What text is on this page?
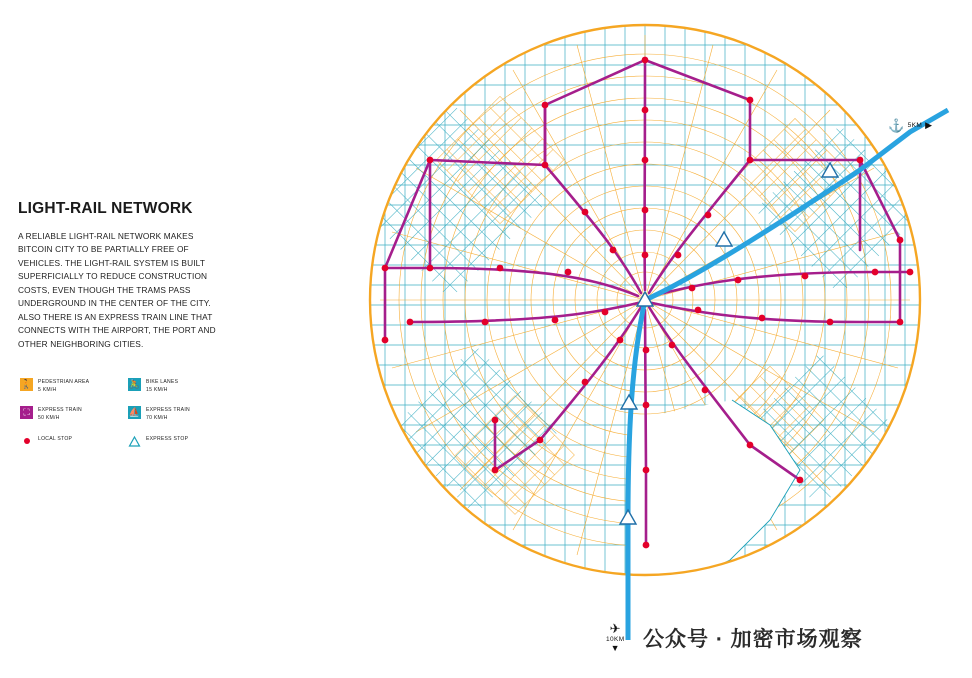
LIGHT-RAIL NETWORK

A RELIABLE LIGHT-RAIL NETWORK MAKES BITCOIN CITY TO BE PARTIALLY FREE OF VEHICLES. THE LIGHT-RAIL SYSTEM IS BUILT SUPERFICIALLY TO REDUCE CONSTRUCTION COSTS, EVEN THOUGH THE TRAMS PASS UNDERGROUND IN THE CENTER OF THE CITY. ALSO THERE IS AN EXPRESS TRAIN LINE THAT CONNECTS WITH THE AIRPORT, THE PORT AND OTHER NEIGHBORING CITIES.

🚶 PEDESTRIAN AREA
5 KM/H
🚴 BIKE LANES
15 KM/H
⛶	EXPRESS TRAIN
50 KM/H
⛵ EXPRESS TRAIN
70 KM/H
LOCAL STOP	EXPRESS STOP
⚓ 5KM ▶
✈
10KM
▼ 公众号 · 加密市场观察
